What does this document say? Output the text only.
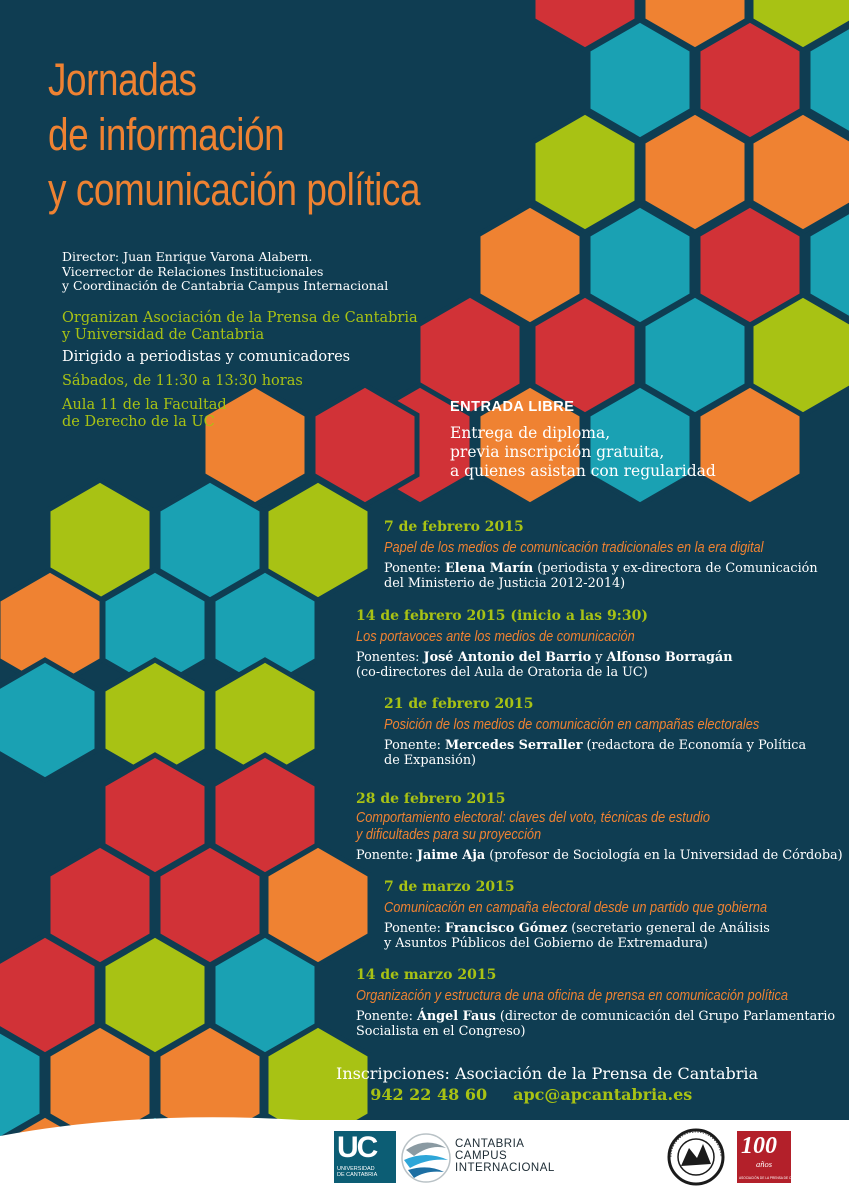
Jornadas
de información
y comunicación política
Director: Juan Enrique Varona Alabern.
Vicerrector de Relaciones Institucionales
y Coordinación de Cantabria Campus Internacional
Organizan Asociación de la Prensa de Cantabria
y Universidad de Cantabria
Dirigido a periodistas y comunicadores
Sábados, de 11:30 a 13:30 horas
Aula 11 de la Facultad
de Derecho de la UC
ENTRADA LIBRE
Entrega de diploma,
previa inscripción gratuita,
a quienes asistan con regularidad
7 de febrero 2015
Papel de los medios de comunicación tradicionales en la era digital
Ponente: Elena Marín (periodista y ex-directora de Comunicación
del Ministerio de Justicia 2012-2014)
14 de febrero 2015 (inicio a las 9:30)
Los portavoces ante los medios de comunicación
Ponentes: José Antonio del Barrio y Alfonso Borragán
(co-directores del Aula de Oratoria de la UC)
21 de febrero 2015
Posición de los medios de comunicación en campañas electorales
Ponente: Mercedes Serraller (redactora de Economía y Política
de Expansión)
28 de febrero 2015
Comportamiento electoral: claves del voto, técnicas de estudio
y dificultades para su proyección
Ponente: Jaime Aja (profesor de Sociología en la Universidad de Córdoba)
7 de marzo 2015
Comunicación en campaña electoral desde un partido que gobierna
Ponente: Francisco Gómez (secretario general de Análisis
y Asuntos Públicos del Gobierno de Extremadura)
14 de marzo 2015
Organización y estructura de una oficina de prensa en comunicación política
Ponente: Ángel Faus (director de comunicación del Grupo Parlamentario
Socialista en el Congreso)
Inscripciones: Asociación de la Prensa de Cantabria
Tel. 942 22 48 60 apc@apcantabria.es
UC
UNIVERSIDAD
DE CANTABRIA
CANTABRIA
CAMPUS
INTERNACIONAL
100
años
ASOCIACIÓN DE LA PRENSA DE CANTABRIA
